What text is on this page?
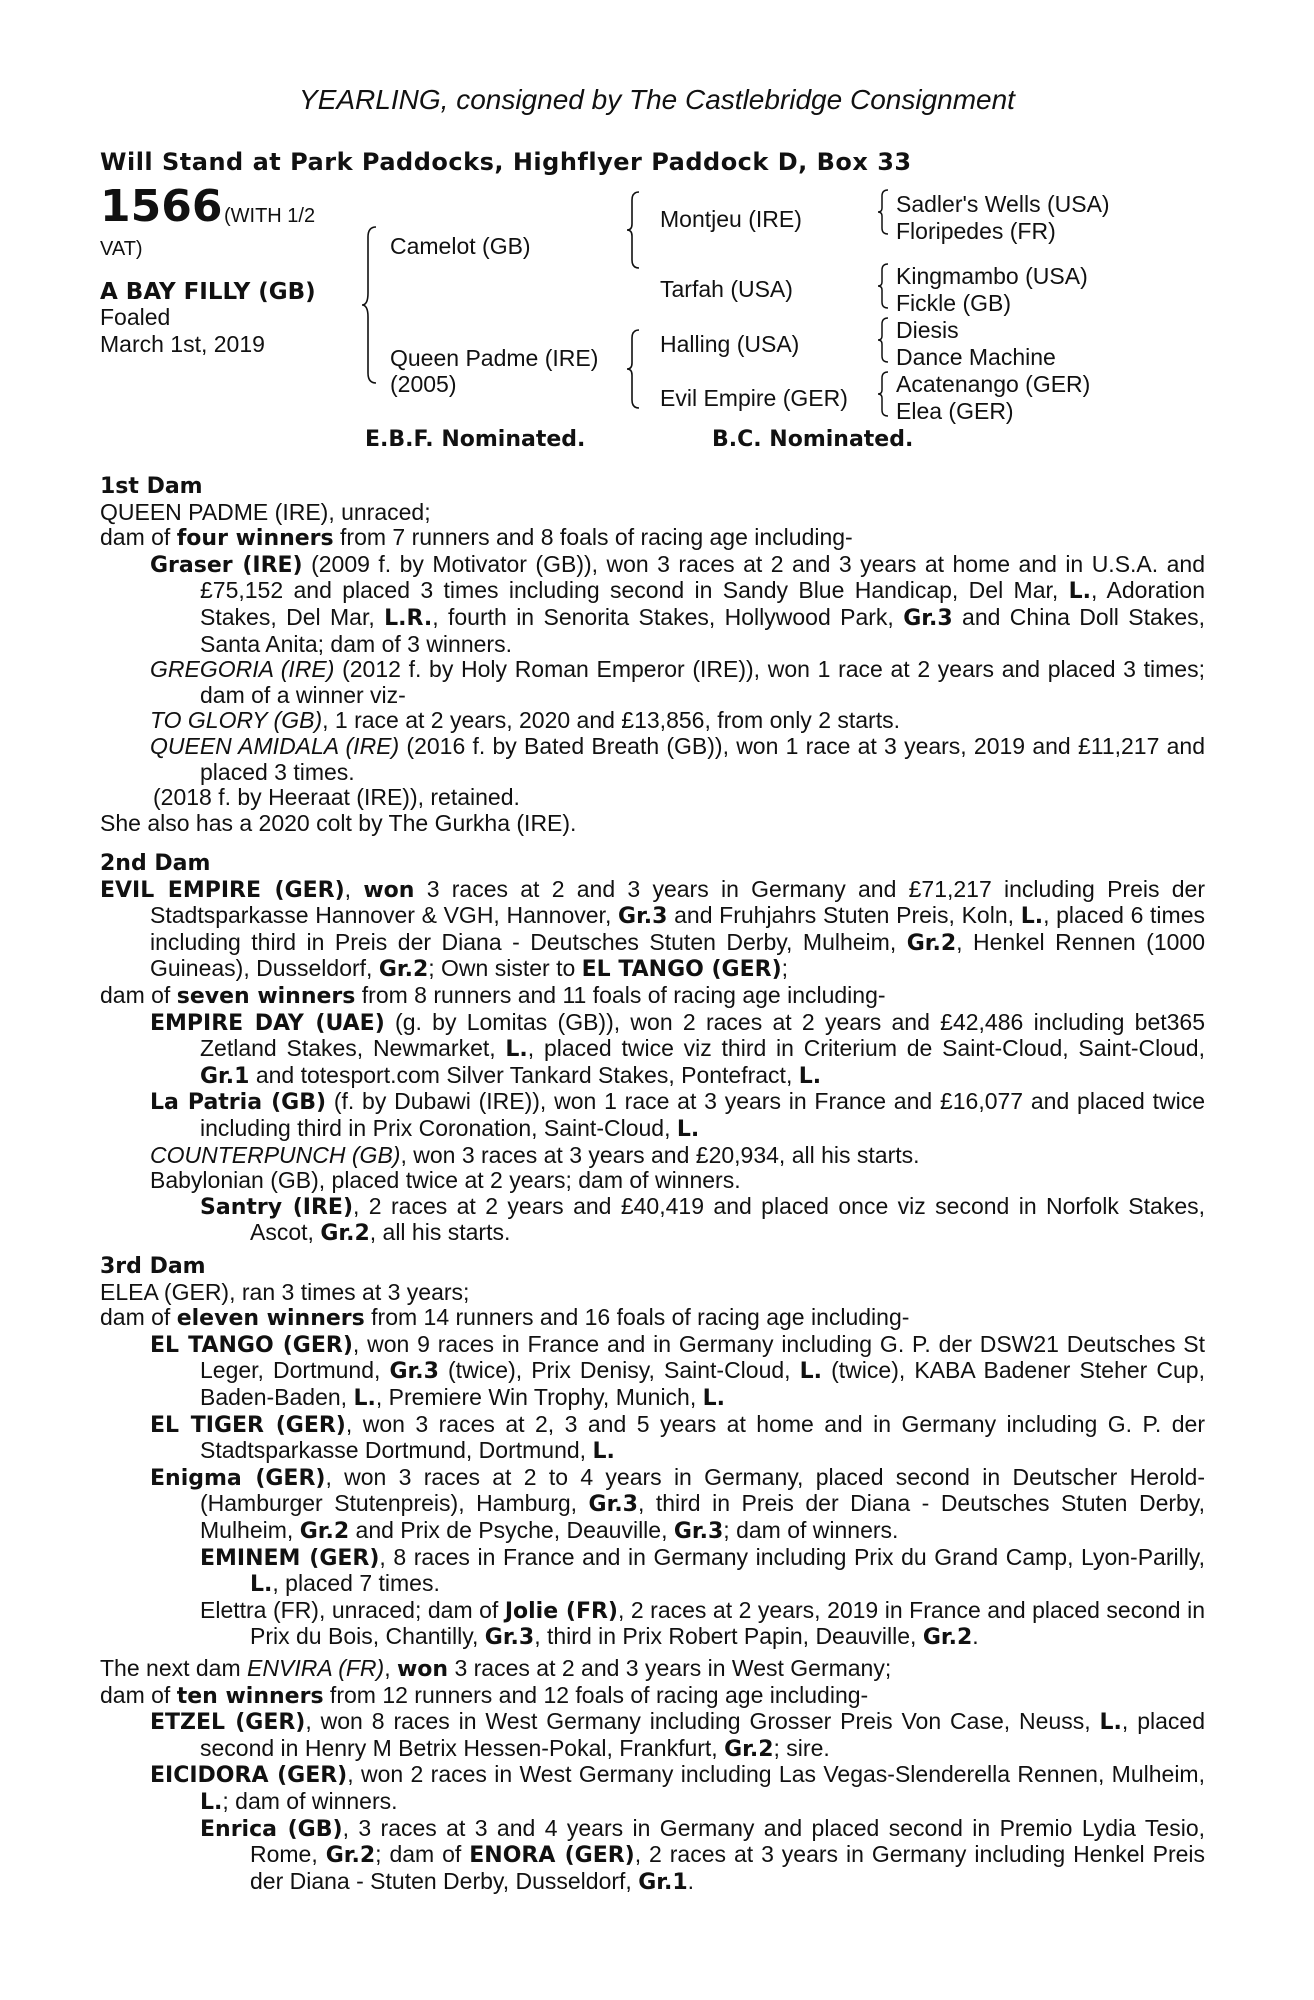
YEARLING, consigned by The Castlebridge Consignment
Will Stand at Park Paddocks, Highflyer Paddock D, Box 33
1566 (WITH 1/2
VAT)
A BAY FILLY (GB)
Foaled
March 1st, 2019
Camelot (GB)
Queen Padme (IRE)
(2005)
Montjeu (IRE)
Tarfah (USA)
Halling (USA)
Evil Empire (GER)
Sadler's Wells (USA)
Floripedes (FR)
Kingmambo (USA)
Fickle (GB)
Diesis
Dance Machine
Acatenango (GER)
Elea (GER)
E.B.F. Nominated.	B.C. Nominated.
1st Dam
QUEEN PADME (IRE), unraced;
dam of four winners from 7 runners and 8 foals of racing age including-
Graser (IRE) (2009 f. by Motivator (GB)), won 3 races at 2 and 3 years at home and in U.S.A. and £75,152 and placed 3 times including second in Sandy Blue Handicap, Del Mar, L., Adoration Stakes, Del Mar, L.R., fourth in Senorita Stakes, Hollywood Park, Gr.3 and China Doll Stakes, Santa Anita; dam of 3 winners.
GREGORIA (IRE) (2012 f. by Holy Roman Emperor (IRE)), won 1 race at 2 years and placed 3 times; dam of a winner viz-
TO GLORY (GB), 1 race at 2 years, 2020 and £13,856, from only 2 starts.
QUEEN AMIDALA (IRE) (2016 f. by Bated Breath (GB)), won 1 race at 3 years, 2019 and £11,217 and placed 3 times.
(2018 f. by Heeraat (IRE)), retained.
She also has a 2020 colt by The Gurkha (IRE).
2nd Dam
EVIL EMPIRE (GER), won 3 races at 2 and 3 years in Germany and £71,217 including Preis der Stadtsparkasse Hannover & VGH, Hannover, Gr.3 and Fruhjahrs Stuten Preis, Koln, L., placed 6 times including third in Preis der Diana - Deutsches Stuten Derby, Mulheim, Gr.2, Henkel Rennen (1000 Guineas), Dusseldorf, Gr.2; Own sister to EL TANGO (GER);
dam of seven winners from 8 runners and 11 foals of racing age including-
EMPIRE DAY (UAE) (g. by Lomitas (GB)), won 2 races at 2 years and £42,486 including bet365 Zetland Stakes, Newmarket, L., placed twice viz third in Criterium de Saint-Cloud, Saint-Cloud, Gr.1 and totesport.com Silver Tankard Stakes, Pontefract, L.
La Patria (GB) (f. by Dubawi (IRE)), won 1 race at 3 years in France and £16,077 and placed twice including third in Prix Coronation, Saint-Cloud, L.
COUNTERPUNCH (GB), won 3 races at 3 years and £20,934, all his starts.
Babylonian (GB), placed twice at 2 years; dam of winners.
Santry (IRE), 2 races at 2 years and £40,419 and placed once viz second in Norfolk Stakes, Ascot, Gr.2, all his starts.
3rd Dam
ELEA (GER), ran 3 times at 3 years;
dam of eleven winners from 14 runners and 16 foals of racing age including-
EL TANGO (GER), won 9 races in France and in Germany including G. P. der DSW21 Deutsches St Leger, Dortmund, Gr.3 (twice), Prix Denisy, Saint-Cloud, L. (twice), KABA Badener Steher Cup, Baden-Baden, L., Premiere Win Trophy, Munich, L.
EL TIGER (GER), won 3 races at 2, 3 and 5 years at home and in Germany including G. P. der Stadtsparkasse Dortmund, Dortmund, L.
Enigma (GER), won 3 races at 2 to 4 years in Germany, placed second in Deutscher Herold-(Hamburger Stutenpreis), Hamburg, Gr.3, third in Preis der Diana - Deutsches Stuten Derby, Mulheim, Gr.2 and Prix de Psyche, Deauville, Gr.3; dam of winners.
EMINEM (GER), 8 races in France and in Germany including Prix du Grand Camp, Lyon-Parilly, L., placed 7 times.
Elettra (FR), unraced; dam of Jolie (FR), 2 races at 2 years, 2019 in France and placed second in Prix du Bois, Chantilly, Gr.3, third in Prix Robert Papin, Deauville, Gr.2.
The next dam ENVIRA (FR), won 3 races at 2 and 3 years in West Germany;
dam of ten winners from 12 runners and 12 foals of racing age including-
ETZEL (GER), won 8 races in West Germany including Grosser Preis Von Case, Neuss, L., placed second in Henry M Betrix Hessen-Pokal, Frankfurt, Gr.2; sire.
EICIDORA (GER), won 2 races in West Germany including Las Vegas-Slenderella Rennen, Mulheim, L.; dam of winners.
Enrica (GB), 3 races at 3 and 4 years in Germany and placed second in Premio Lydia Tesio, Rome, Gr.2; dam of ENORA (GER), 2 races at 3 years in Germany including Henkel Preis der Diana - Stuten Derby, Dusseldorf, Gr.1.
